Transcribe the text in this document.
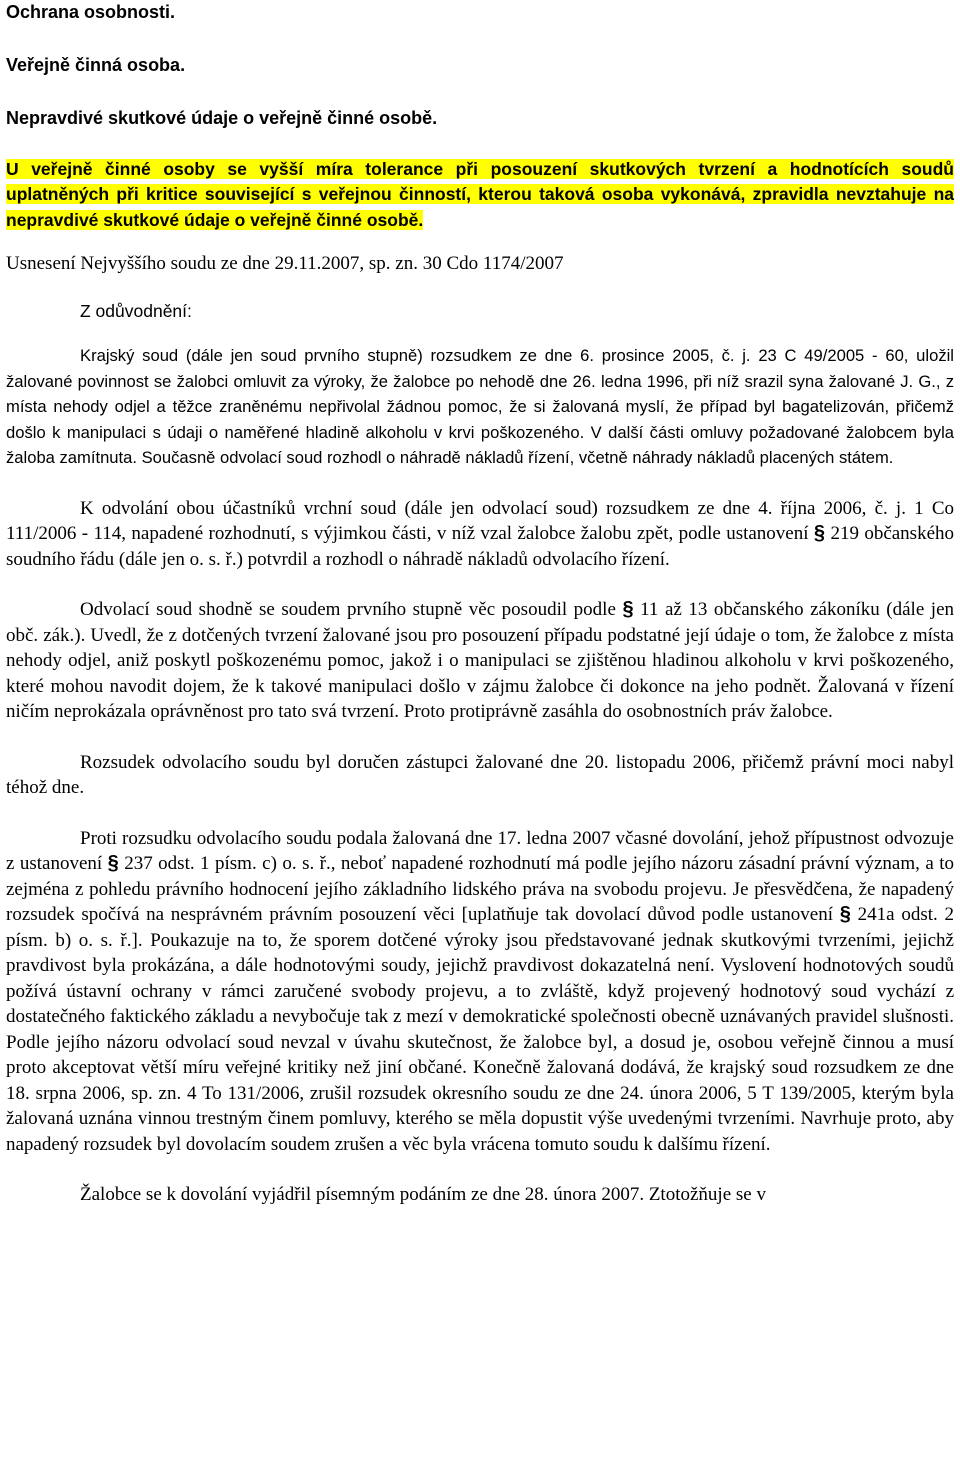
Ochrana osobnosti.

Veřejně činná osoba.

Nepravdivé skutkové údaje o veřejně činné osobě.

U veřejně činné osoby se vyšší míra tolerance při posouzení skutkových tvrzení a hodnotících soudů uplatněných při kritice související s veřejnou činností, kterou taková osoba vykonává, zpravidla nevztahuje na nepravdivé skutkové údaje o veřejně činné osobě.

Usnesení Nejvyššího soudu ze dne 29.11.2007, sp. zn. 30 Cdo 1174/2007

Z odůvodnění:

Krajský soud (dále jen soud prvního stupně) rozsudkem ze dne 6. prosince 2005, č. j. 23 C 49/2005 - 60, uložil žalované povinnost se žalobci omluvit za výroky, že žalobce po nehodě dne 26. ledna 1996, při níž srazil syna žalované J. G., z místa nehody odjel a těžce zraněnému nepřivolal žádnou pomoc, že si žalovaná myslí, že případ byl bagatelizován, přičemž došlo k manipulaci s údaji o naměřené hladině alkoholu v krvi poškozeného. V další části omluvy požadované žalobcem byla žaloba zamítnuta. Současně odvolací soud rozhodl o náhradě nákladů řízení, včetně náhrady nákladů placených státem.

K odvolání obou účastníků vrchní soud (dále jen odvolací soud) rozsudkem ze dne 4. října 2006, č. j. 1 Co 111/2006 - 114, napadené rozhodnutí, s výjimkou části, v níž vzal žalobce žalobu zpět, podle ustanovení § 219 občanského soudního řádu (dále jen o. s. ř.) potvrdil a rozhodl o náhradě nákladů odvolacího řízení.

Odvolací soud shodně se soudem prvního stupně věc posoudil podle § 11 až 13 občanského zákoníku (dále jen obč. zák.). Uvedl, že z dotčených tvrzení žalované jsou pro posouzení případu podstatné její údaje o tom, že žalobce z místa nehody odjel, aniž poskytl poškozenému pomoc, jakož i o manipulaci se zjištěnou hladinou alkoholu v krvi poškozeného, které mohou navodit dojem, že k takové manipulaci došlo v zájmu žalobce či dokonce na jeho podnět. Žalovaná v řízení ničím neprokázala oprávněnost pro tato svá tvrzení. Proto protiprávně zasáhla do osobnostních práv žalobce.

Rozsudek odvolacího soudu byl doručen zástupci žalované dne 20. listopadu 2006, přičemž právní moci nabyl téhož dne.

Proti rozsudku odvolacího soudu podala žalovaná dne 17. ledna 2007 včasné dovolání, jehož přípustnost odvozuje z ustanovení § 237 odst. 1 písm. c) o. s. ř., neboť napadené rozhodnutí má podle jejího názoru zásadní právní význam, a to zejména z pohledu právního hodnocení jejího základního lidského práva na svobodu projevu. Je přesvědčena, že napadený rozsudek spočívá na nesprávném právním posouzení věci [uplatňuje tak dovolací důvod podle ustanovení § 241a odst. 2 písm. b) o. s. ř.]. Poukazuje na to, že sporem dotčené výroky jsou představované jednak skutkovými tvrzeními, jejichž pravdivost byla prokázána, a dále hodnotovými soudy, jejichž pravdivost dokazatelná není. Vyslovení hodnotových soudů požívá ústavní ochrany v rámci zaručené svobody projevu, a to zvláště, když projevený hodnotový soud vychází z dostatečného faktického základu a nevybočuje tak z mezí v demokratické společnosti obecně uznávaných pravidel slušnosti. Podle jejího názoru odvolací soud nevzal v úvahu skutečnost, že žalobce byl, a dosud je, osobou veřejně činnou a musí proto akceptovat větší míru veřejné kritiky než jiní občané. Konečně žalovaná dodává, že krajský soud rozsudkem ze dne 18. srpna 2006, sp. zn. 4 To 131/2006, zrušil rozsudek okresního soudu ze dne 24. února 2006, 5 T 139/2005, kterým byla žalovaná uznána vinnou trestným činem pomluvy, kterého se měla dopustit výše uvedenými tvrzeními. Navrhuje proto, aby napadený rozsudek byl dovolacím soudem zrušen a věc byla vrácena tomuto soudu k dalšímu řízení.

Žalobce se k dovolání vyjádřil písemným podáním ze dne 28. února 2007. Ztotožňuje se v
